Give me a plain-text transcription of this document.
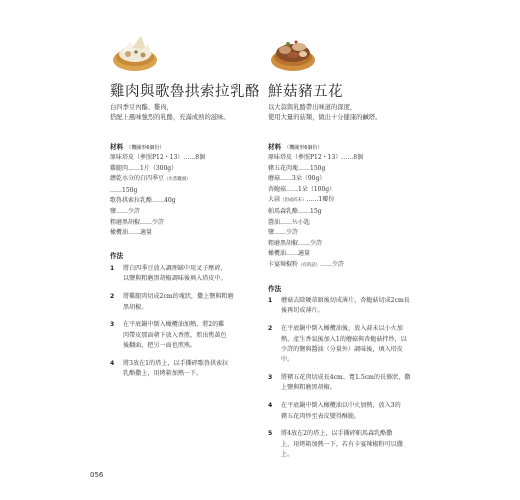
雞肉與歌魯拱索拉乳酪
白四季豆內酯、雞肉，
搭配上風味強烈的乳酪，充滿成熟的滋味。
材料 （機圖形6個份）
原味塔皮（參照P12・13）……8個
雞腿肉……1片（300g）
瀝乾水分的白四季豆（水煮罐頭）
……150g
歌魯拱索拉乳酪……40g
鹽……少許
粗磨黑胡椒……少許
橄欖油……適量
作法
1 將白四季豆放入調理缽中用叉子壓碎，
以鹽與粗磨黑胡椒調味後填入塔皮中。
2 將雞腿肉切成2cm的塊狀，撒上鹽與粗磨
黑胡椒。
3 在平底鍋中倒入橄欖油加熱，將2的雞
肉帶皮那面朝下放入香煎，煎出焦黃色
後翻面，把另一面也煎熟。
4 將3放在1的塔上，以手撕碎歌魯拱索拉
乳酪撒上，用烤箱加熱一下。
鮮菇豬五花
以大蒜與乳酪帶出味道的深度，
使用大量的菇類，做出十分健康的鹹塔。
材料 （機圖形6個份）
原味塔皮（參照P12・13）……8個
豬五花肉塊……150g
蘑菇……3朵（90g）
杏鮑菇……1朵（100g）
大蒜（切成碎末）……1瓣份
帕馬森乳酪……15g
醬油……½小匙
鹽……少許
粗磨黑胡椒……少許
橄欖油……適量
卡宴辣椒粉（有的話）……少許
作法
1 蘑菇去除硬蒂頭後切成薄片，杏鮑菇切成2cm長
後再切成薄片。
2 在平底鍋中倒入橄欖油後，放入蒜末以小火加
熱，產生香氣後加入1的蘑菇與杏鮑菇拌炒，以
少許的鹽與醬油（分量外）調味後，填入塔皮
中。
3 將豬五花肉切成長4cm、寬1.5cm的長條狀，撒
上鹽與粗磨黑胡椒。
4 在平底鍋中倒入橄欖油以中火加熱，放入3的
豬五花肉炒至表皮變得酥脆。
5 將4放在2的塔上，以手撕碎帕馬森乳酪撒
上，用烤箱加熱一下，若有卡宴辣椒粉可以撒
上。
056
